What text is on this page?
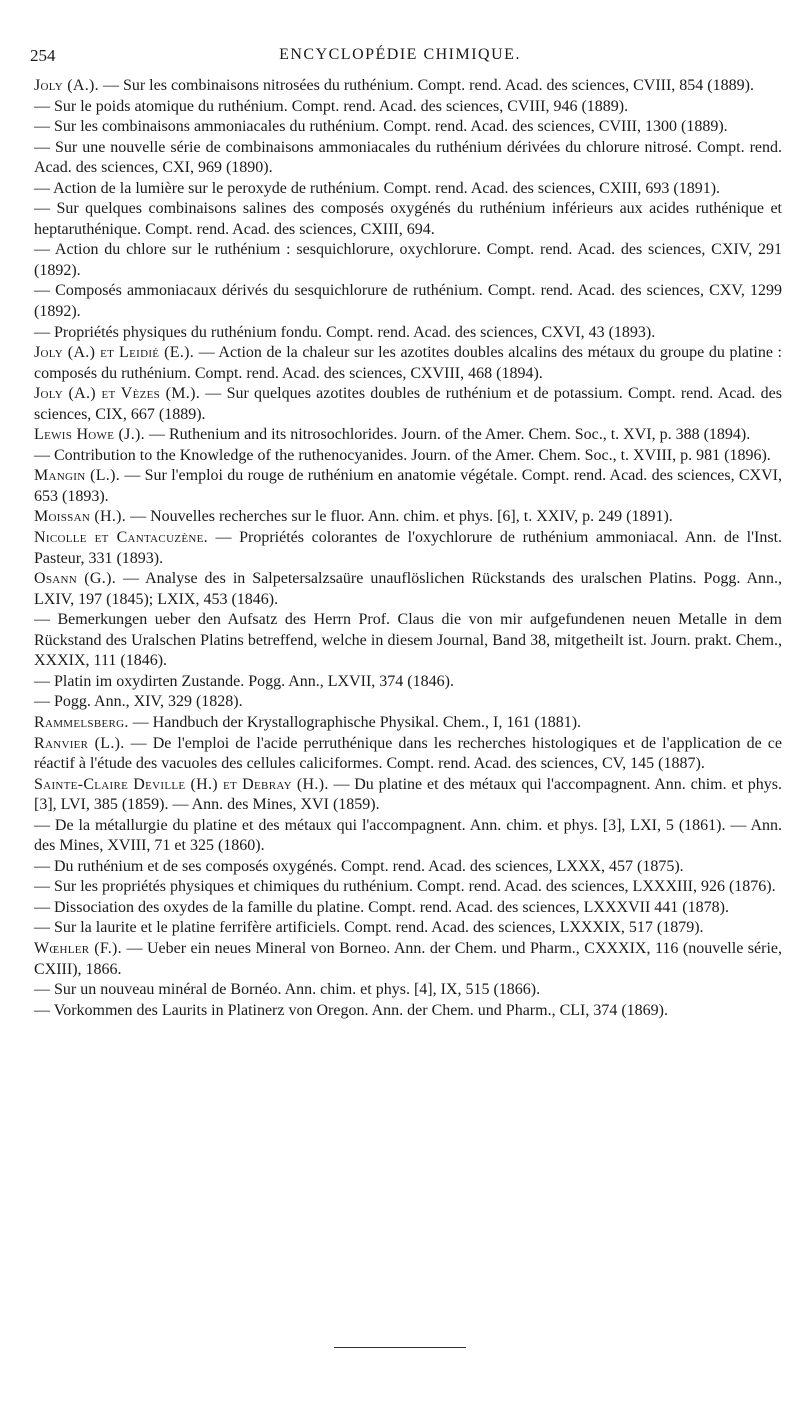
254	ENCYCLOPÉDIE CHIMIQUE.

Joly (A.). — Sur les combinaisons nitrosées du ruthénium. Compt. rend. Acad. des sciences, CVIII, 854 (1889).

— Sur le poids atomique du ruthénium. Compt. rend. Acad. des sciences, CVIII, 946 (1889).

— Sur les combinaisons ammoniacales du ruthénium. Compt. rend. Acad. des sciences, CVIII, 1300 (1889).

— Sur une nouvelle série de combinaisons ammoniacales du ruthénium dérivées du chlorure nitrosé. Compt. rend. Acad. des sciences, CXI, 969 (1890).

— Action de la lumière sur le peroxyde de ruthénium. Compt. rend. Acad. des sciences, CXIII, 693 (1891).

— Sur quelques combinaisons salines des composés oxygénés du ruthénium inférieurs aux acides ruthénique et heptaruthénique. Compt. rend. Acad. des sciences, CXIII, 694.

— Action du chlore sur le ruthénium : sesquichlorure, oxychlorure. Compt. rend. Acad. des sciences, CXIV, 291 (1892).

— Composés ammoniacaux dérivés du sesquichlorure de ruthénium. Compt. rend. Acad. des sciences, CXV, 1299 (1892).

— Propriétés physiques du ruthénium fondu. Compt. rend. Acad. des sciences, CXVI, 43 (1893).

Joly (A.) et Leidié (E.). — Action de la chaleur sur les azotites doubles alcalins des métaux du groupe du platine : composés du ruthénium. Compt. rend. Acad. des sciences, CXVIII, 468 (1894).

Joly (A.) et Vèzes (M.). — Sur quelques azotites doubles de ruthénium et de potassium. Compt. rend. Acad. des sciences, CIX, 667 (1889).

Lewis Howe (J.). — Ruthenium and its nitrosochlorides. Journ. of the Amer. Chem. Soc., t. XVI, p. 388 (1894).

— Contribution to the Knowledge of the ruthenocyanides. Journ. of the Amer. Chem. Soc., t. XVIII, p. 981 (1896).

Mangin (L.). — Sur l'emploi du rouge de ruthénium en anatomie végétale. Compt. rend. Acad. des sciences, CXVI, 653 (1893).

Moissan (H.). — Nouvelles recherches sur le fluor. Ann. chim. et phys. [6], t. XXIV, p. 249 (1891).

Nicolle et Cantacuzène. — Propriétés colorantes de l'oxychlorure de ruthénium ammoniacal. Ann. de l'Inst. Pasteur, 331 (1893).

Osann (G.). — Analyse des in Salpetersalzsaüre unauflöslichen Rückstands des uralschen Platins. Pogg. Ann., LXIV, 197 (1845); LXIX, 453 (1846).

— Bemerkungen ueber den Aufsatz des Herrn Prof. Claus die von mir aufgefundenen neuen Metalle in dem Rückstand des Uralschen Platins betreffend, welche in diesem Journal, Band 38, mitgetheilt ist. Journ. prakt. Chem., XXXIX, 111 (1846).

— Platin im oxydirten Zustande. Pogg. Ann., LXVII, 374 (1846).

— Pogg. Ann., XIV, 329 (1828).

Rammelsberg. — Handbuch der Krystallographische Physikal. Chem., I, 161 (1881).

Ranvier (L.). — De l'emploi de l'acide perruthénique dans les recherches histologiques et de l'application de ce réactif à l'étude des vacuoles des cellules caliciformes. Compt. rend. Acad. des sciences, CV, 145 (1887).

Sainte-Claire Deville (H.) et Debray (H.). — Du platine et des métaux qui l'accompagnent. Ann. chim. et phys. [3], LVI, 385 (1859). — Ann. des Mines, XVI (1859).

— De la métallurgie du platine et des métaux qui l'accompagnent. Ann. chim. et phys. [3], LXI, 5 (1861). — Ann. des Mines, XVIII, 71 et 325 (1860).

— Du ruthénium et de ses composés oxygénés. Compt. rend. Acad. des sciences, LXXX, 457 (1875).

— Sur les propriétés physiques et chimiques du ruthénium. Compt. rend. Acad. des sciences, LXXXIII, 926 (1876).

— Dissociation des oxydes de la famille du platine. Compt. rend. Acad. des sciences, LXXXVII 441 (1878).

— Sur la laurite et le platine ferrifère artificiels. Compt. rend. Acad. des sciences, LXXXIX, 517 (1879).

Wœhler (F.). — Ueber ein neues Mineral von Borneo. Ann. der Chem. und Pharm., CXXXIX, 116 (nouvelle série, CXIII), 1866.

— Sur un nouveau minéral de Bornéo. Ann. chim. et phys. [4], IX, 515 (1866).

— Vorkommen des Laurits in Platinerz von Oregon. Ann. der Chem. und Pharm., CLI, 374 (1869).
